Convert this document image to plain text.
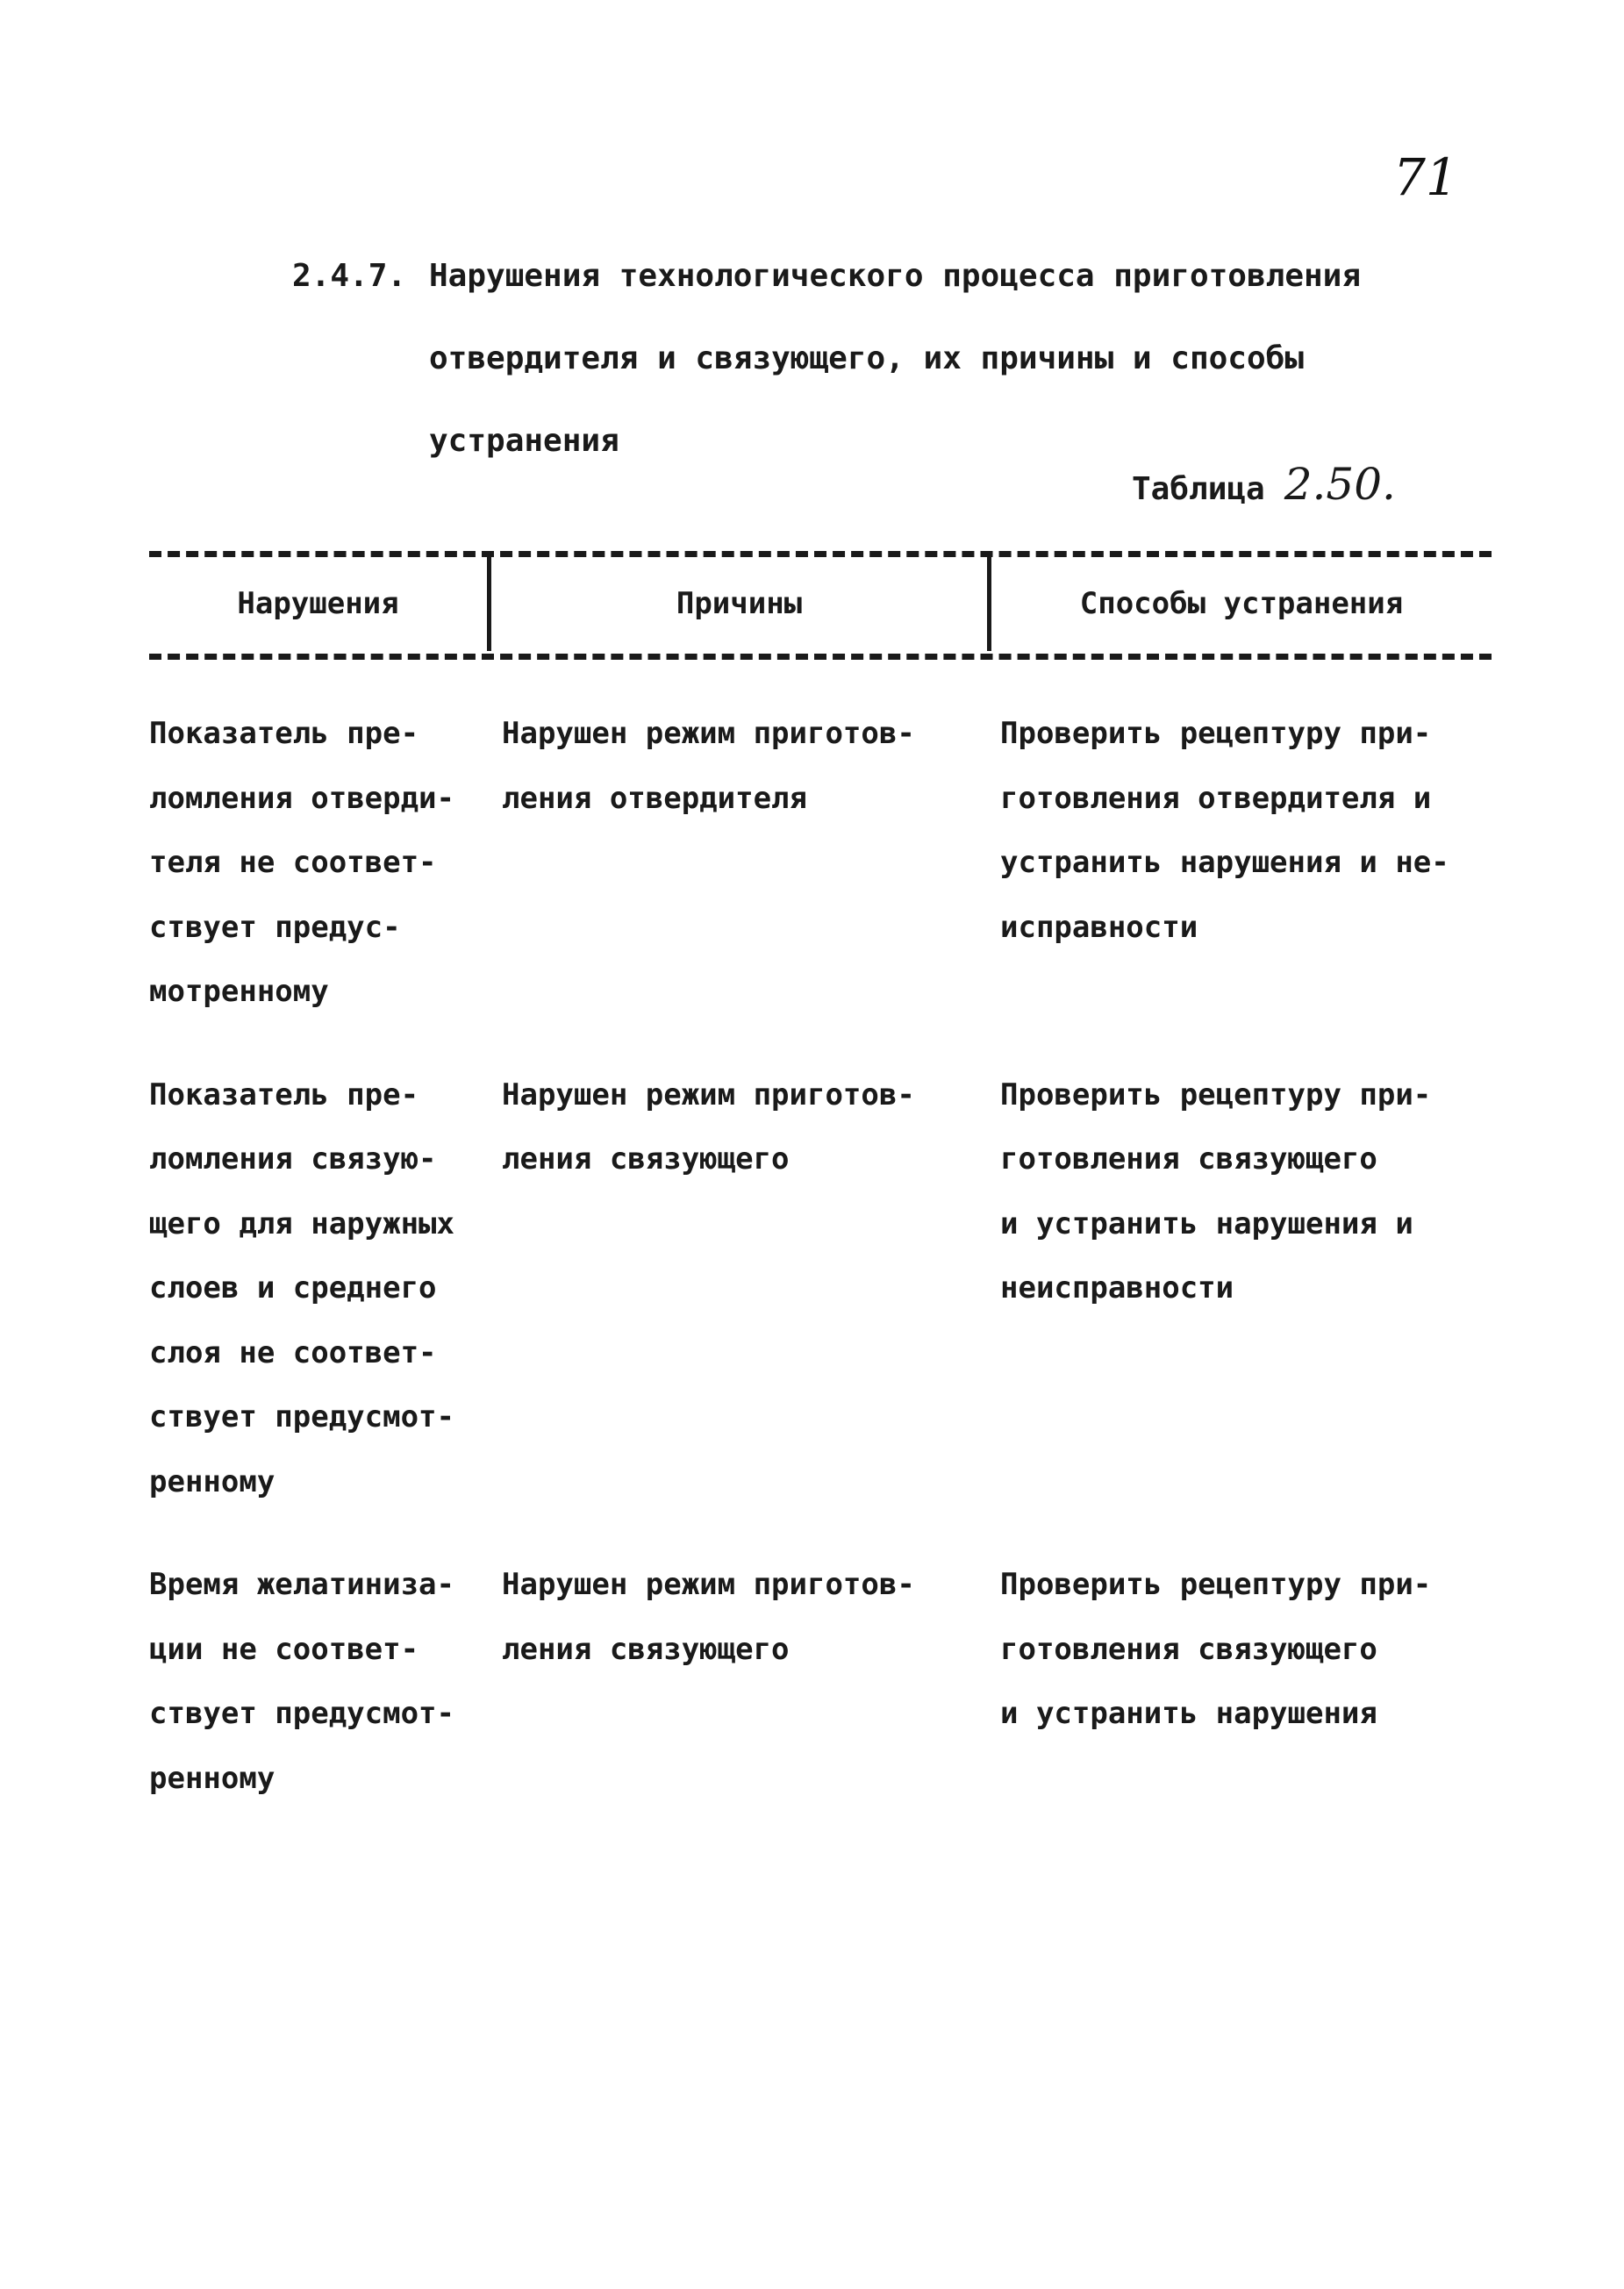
71
2.4.7. Нарушения технологического процесса приготовления
отвердителя и связующего, их причины и способы
устранения
Таблица 2.50.
Нарушения	Причины	Способы устранения
Показатель пре-
ломления отверди-
теля не соответ-
ствует предус-
мотренному
Нарушен режим приготов-
ления отвердителя
Проверить рецептуру при-
готовления отвердителя и
устранить нарушения и не-
исправности
Показатель пре-
ломления связую-
щего для наружных
слоев и среднего
слоя не соответ-
ствует предусмот-
ренному
Нарушен режим приготов-
ления связующего
Проверить рецептуру при-
готовления связующего
и устранить нарушения и
неисправности
Время желатиниза-
ции не соответ-
ствует предусмот-
ренному
Нарушен режим приготов-
ления связующего
Проверить рецептуру при-
готовления связующего
и устранить нарушения
